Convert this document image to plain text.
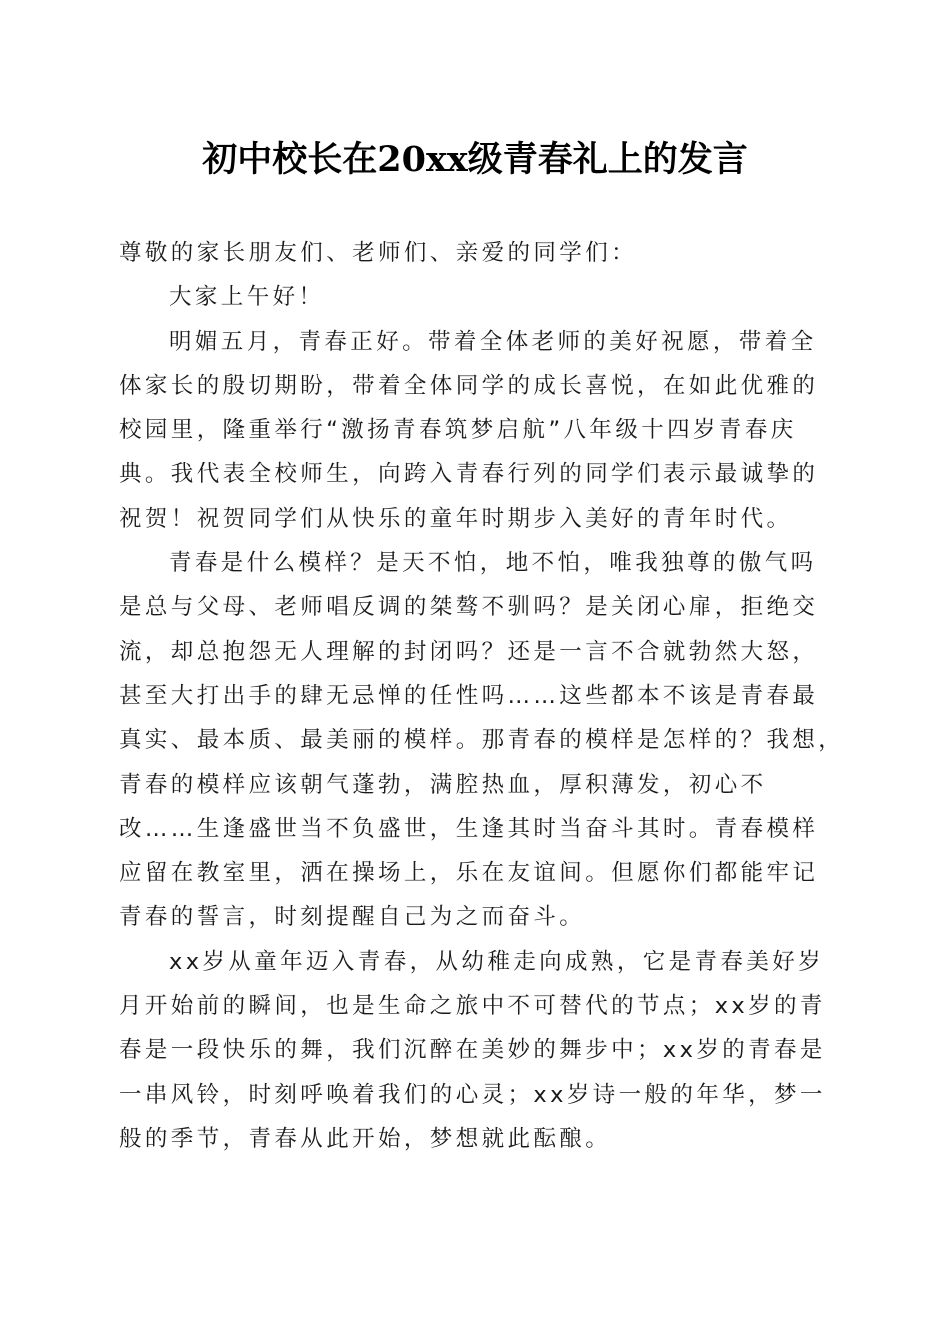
初中校长在20xx级青春礼上的发言
尊敬的家长朋友们、老师们、亲爱的同学们：
大家上午好！

明媚五月，青春正好。带着全体老师的美好祝愿，带着全
体家长的殷切期盼，带着全体同学的成长喜悦，在如此优雅的
校园里，隆重举行“激扬青春筑梦启航”八年级十四岁青春庆
典。我代表全校师生，向跨入青春行列的同学们表示最诚挚的
祝贺！祝贺同学们从快乐的童年时期步入美好的青年时代。

青春是什么模样？是天不怕，地不怕，唯我独尊的傲气吗
是总与父母、老师唱反调的桀骜不驯吗？是关闭心扉，拒绝交
流，却总抱怨无人理解的封闭吗？还是一言不合就勃然大怒，
甚至大打出手的肆无忌惮的任性吗……这些都本不该是青春最
真实、最本质、最美丽的模样。那青春的模样是怎样的？我想，
青春的模样应该朝气蓬勃，满腔热血，厚积薄发，初心不
改……生逢盛世当不负盛世，生逢其时当奋斗其时。青春模样
应留在教室里，洒在操场上，乐在友谊间。但愿你们都能牢记
青春的誓言，时刻提醒自己为之而奋斗。

xx岁从童年迈入青春，从幼稚走向成熟，它是青春美好岁
月开始前的瞬间，也是生命之旅中不可替代的节点；xx岁的青
春是一段快乐的舞，我们沉醉在美妙的舞步中；xx岁的青春是
一串风铃，时刻呼唤着我们的心灵；xx岁诗一般的年华，梦一
般的季节，青春从此开始，梦想就此酝酿。
